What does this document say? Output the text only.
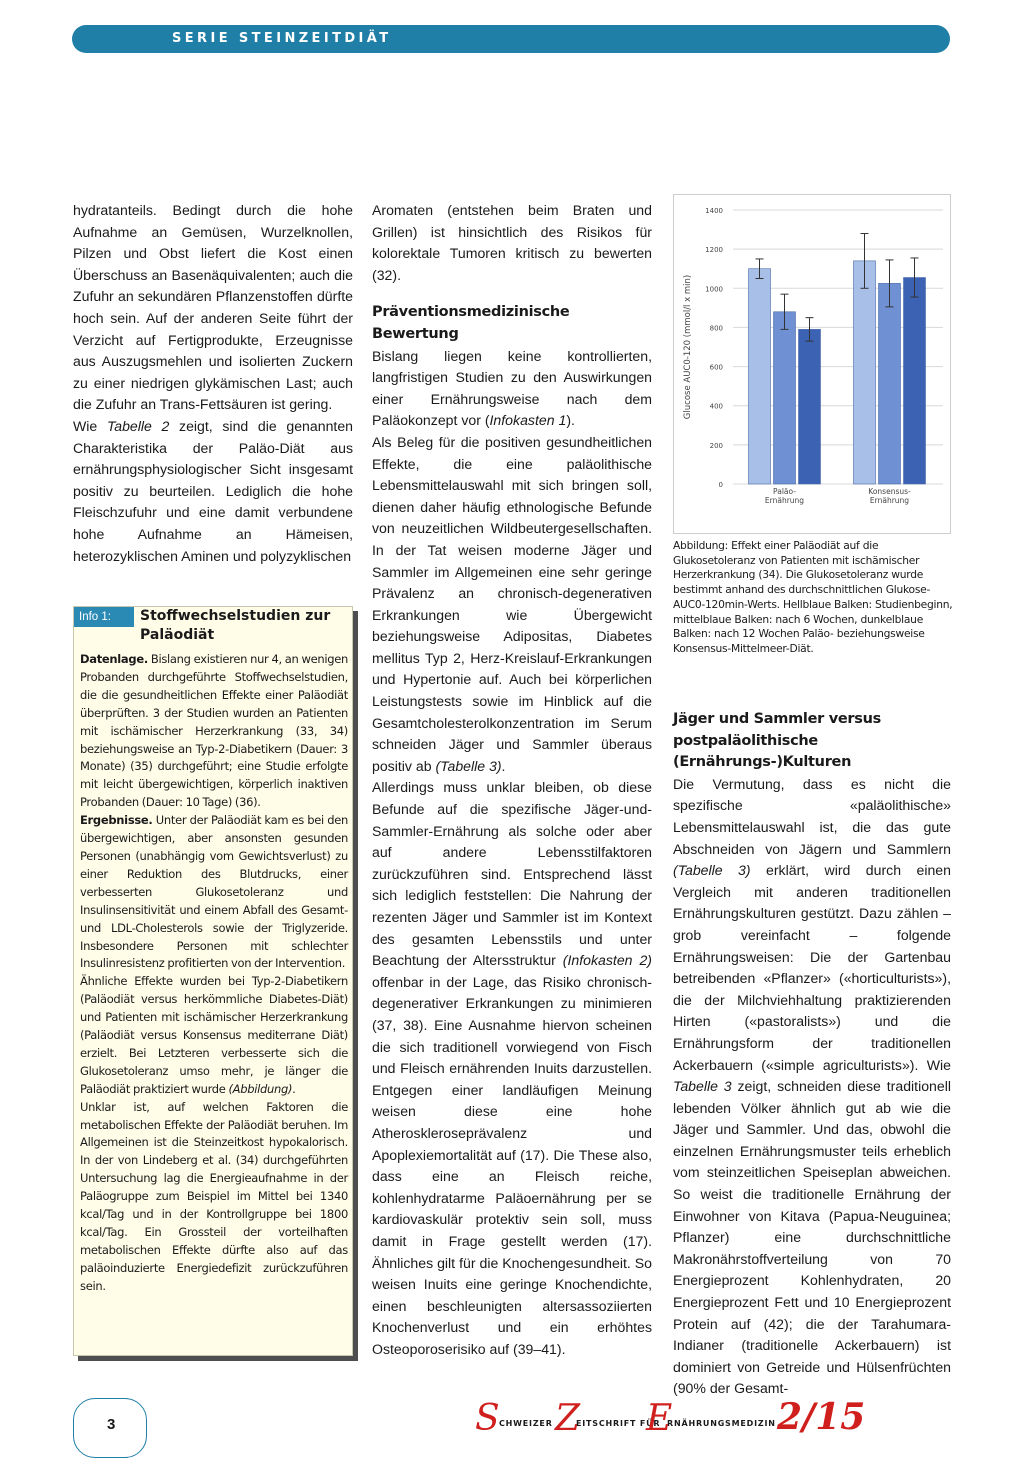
SERIE STEINZEITDIÄT

hydratanteils. Bedingt durch die hohe Aufnahme an Gemüsen, Wurzelknollen, Pilzen und Obst liefert die Kost einen Überschuss an Basenäquivalenten; auch die Zufuhr an sekundären Pflanzenstoffen dürfte hoch sein. Auf der anderen Seite führt der Verzicht auf Fertigprodukte, Erzeugnisse aus Auszugsmehlen und isolierten Zuckern zu einer niedrigen glykämischen Last; auch die Zufuhr an Trans-Fettsäuren ist gering.

Wie Tabelle 2 zeigt, sind die genannten Charakteristika der Paläo-Diät aus ernährungsphysiologischer Sicht insgesamt positiv zu beurteilen. Lediglich die hohe Fleischzufuhr und eine damit verbundene hohe Aufnahme an Hämeisen, heterozyklischen Aminen und polyzyklischen

Info 1:	Stoffwechselstudien zur Paläodiät

Datenlage. Bislang existieren nur 4, an wenigen Probanden durchgeführte Stoffwechselstudien, die die gesundheitlichen Effekte einer Paläodiät überprüften. 3 der Studien wurden an Patienten mit ischämischer Herzerkrankung (33, 34) beziehungsweise an Typ-2-Diabetikern (Dauer: 3 Monate) (35) durchgeführt; eine Studie erfolgte mit leicht übergewichtigen, körperlich inaktiven Probanden (Dauer: 10 Tage) (36).

Ergebnisse. Unter der Paläodiät kam es bei den übergewichtigen, aber ansonsten gesunden Personen (unabhängig vom Gewichtsverlust) zu einer Reduktion des Blutdrucks, einer verbesserten Glukosetoleranz und Insulinsensitivität und einem Abfall des Gesamt- und LDL-Cholesterols sowie der Triglyzeride. Insbesondere Personen mit schlechter Insulinresistenz profitierten von der Intervention.

Ähnliche Effekte wurden bei Typ-2-Diabetikern (Paläodiät versus herkömmliche Diabetes-Diät) und Patienten mit ischämischer Herzerkrankung (Paläodiät versus Konsensus mediterrane Diät) erzielt. Bei Letzteren verbesserte sich die Glukosetoleranz umso mehr, je länger die Paläodiät praktiziert wurde (Abbildung).

Unklar ist, auf welchen Faktoren die metabolischen Effekte der Paläodiät beruhen. Im Allgemeinen ist die Steinzeitkost hypokalorisch. In der von Lindeberg et al. (34) durchgeführten Untersuchung lag die Energieaufnahme in der Paläogruppe zum Beispiel im Mittel bei 1340 kcal/Tag und in der Kontrollgruppe bei 1800 kcal/Tag. Ein Grossteil der vorteilhaften metabolischen Effekte dürfte also auf das paläoinduzierte Energiedefizit zurückzuführen sein.

Aromaten (entstehen beim Braten und Grillen) ist hinsichtlich des Risikos für kolorektale Tumoren kritisch zu bewerten (32).

Präventionsmedizinische Bewertung

Bislang liegen keine kontrollierten, langfristigen Studien zu den Auswirkungen einer Ernährungsweise nach dem Paläokonzept vor (Infokasten 1).

Als Beleg für die positiven gesundheitlichen Effekte, die eine paläolithische Lebensmittelauswahl mit sich bringen soll, dienen daher häufig ethnologische Befunde von neuzeitlichen Wildbeutergesellschaften. In der Tat weisen moderne Jäger und Sammler im Allgemeinen eine sehr geringe Prävalenz an chronisch-degenerativen Erkrankungen wie Übergewicht beziehungsweise Adipositas, Diabetes mellitus Typ 2, Herz-Kreislauf-Erkrankungen und Hypertonie auf. Auch bei körperlichen Leistungstests sowie im Hinblick auf die Gesamtcholesterolkonzentration im Serum schneiden Jäger und Sammler überaus positiv ab (Tabelle 3).

Allerdings muss unklar bleiben, ob diese Befunde auf die spezifische Jäger-und-Sammler-Ernährung als solche oder aber auf andere Lebensstilfaktoren zurückzuführen sind. Entsprechend lässt sich lediglich feststellen: Die Nahrung der rezenten Jäger und Sammler ist im Kontext des gesamten Lebensstils und unter Beachtung der Altersstruktur (Infokasten 2) offenbar in der Lage, das Risiko chronisch-degenerativer Erkrankungen zu minimieren (37, 38). Eine Ausnahme hiervon scheinen die sich traditionell vorwiegend von Fisch und Fleisch ernährenden Inuits darzustellen. Entgegen einer landläufigen Meinung weisen diese eine hohe Atheroskleroseprävalenz und Apoplexiemortalität auf (17). Die These also, dass eine an Fleisch reiche, kohlenhydratarme Paläoernährung per se kardiovaskulär protektiv sein soll, muss damit in Frage gestellt werden (17). Ähnliches gilt für die Knochengesundheit. So weisen Inuits eine geringe Knochendichte, einen beschleunigten altersassoziierten Knochenverlust und ein erhöhtes Osteoporoserisiko auf (39–41).

0
200
400
600
800
1000
1200
1400
Glucose AUC0-120 (mmol/l x min)
Paläo-
Ernährung
Konsensus-
Ernährung
Abbildung: Effekt einer Paläodiät auf die Glukosetoleranz von Patienten mit ischämischer Herzerkrankung (34). Die Glukosetoleranz wurde bestimmt anhand des durchschnittlichen Glukose-AUC0-120min-Werts. Hellblaue Balken: Studienbeginn, mittelblaue Balken: nach 6 Wochen, dunkelblaue Balken: nach 12 Wochen Paläo- beziehungsweise Konsensus-Mittelmeer-Diät.
Jäger und Sammler versus postpaläolithische (Ernährungs-)Kulturen

Die Vermutung, dass es nicht die spezifische «paläolithische» Lebensmittelauswahl ist, die das gute Abschneiden von Jägern und Sammlern (Tabelle 3) erklärt, wird durch einen Vergleich mit anderen traditionellen Ernährungskulturen gestützt. Dazu zählen – grob vereinfacht – folgende Ernährungsweisen: Die der Gartenbau betreibenden «Pflanzer» («horticulturists»), die der Milchviehhaltung praktizierenden Hirten («pastoralists») und die Ernährungsform der traditionellen Ackerbauern («simple agriculturists»). Wie Tabelle 3 zeigt, schneiden diese traditionell lebenden Völker ähnlich gut ab wie die Jäger und Sammler. Und das, obwohl die einzelnen Ernährungsmuster teils erheblich vom steinzeitlichen Speiseplan abweichen. So weist die traditionelle Ernährung der Einwohner von Kitava (Papua-Neuguinea; Pflanzer) eine durchschnittliche Makronährstoffverteilung von 70 Energieprozent Kohlenhydraten, 20 Energieprozent Fett und 10 Energieprozent Protein auf (42); die der Tarahumara-Indianer (traditionelle Ackerbauern) ist dominiert von Getreide und Hülsenfrüchten (90% der Gesamt-

3	S CHWEIZER Z
EITSCHRIFT FÜR
E
RNÄHRUNGSMEDIZIN 2/15
